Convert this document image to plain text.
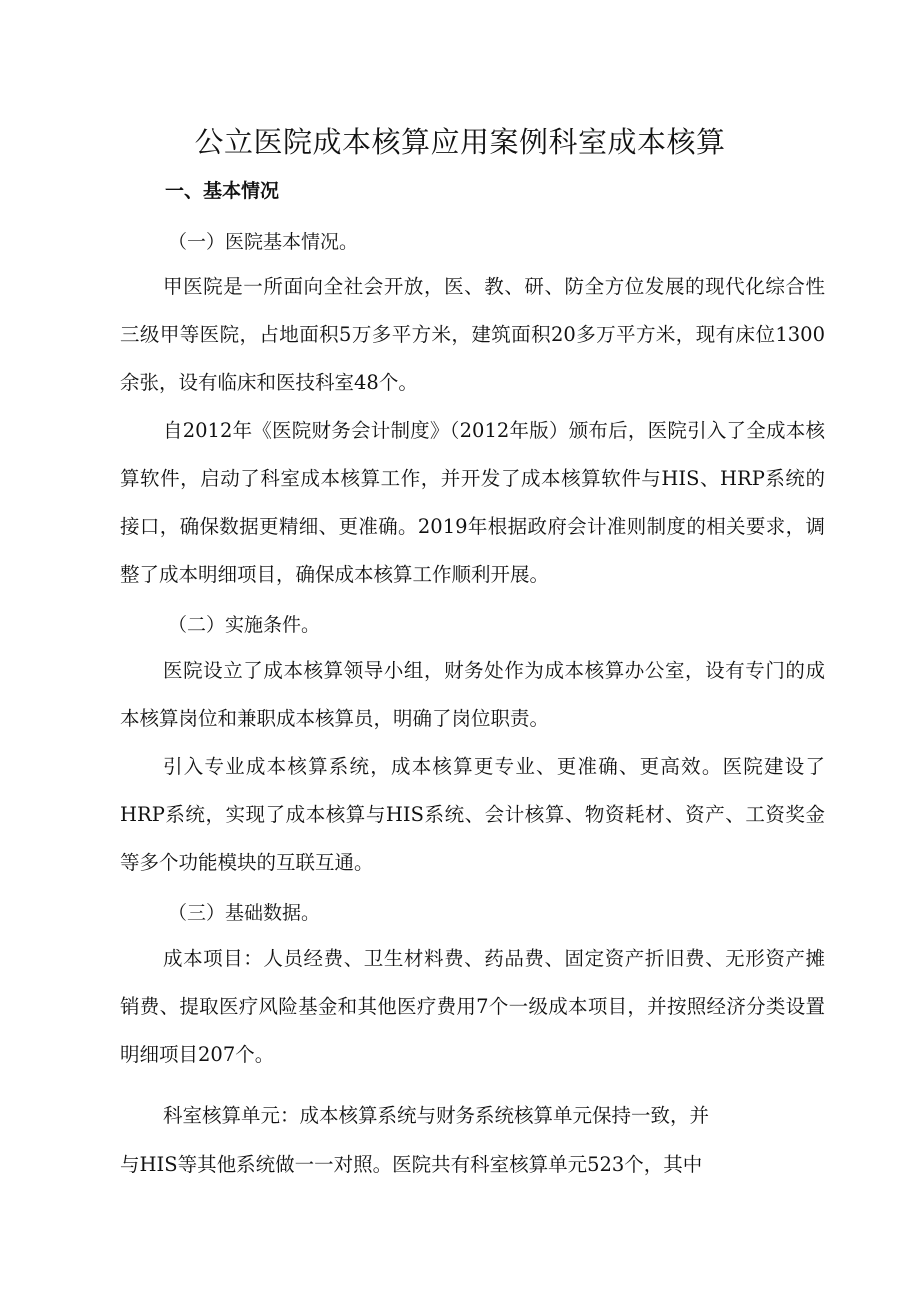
公立医院成本核算应用案例科室成本核算
一、基本情况
（一）医院基本情况。
甲医院是一所面向全社会开放，医、教、研、防全方位发展的现代化综合性三级甲等医院，占地面积5万多平方米，建筑面积20多万平方米，现有床位1300余张，设有临床和医技科室48个。
自2012年《医院财务会计制度》（2012年版）颁布后，医院引入了全成本核算软件，启动了科室成本核算工作，并开发了成本核算软件与HIS、HRP系统的接口，确保数据更精细、更准确。2019年根据政府会计准则制度的相关要求，调整了成本明细项目，确保成本核算工作顺利开展。
（二）实施条件。
医院设立了成本核算领导小组，财务处作为成本核算办公室，设有专门的成本核算岗位和兼职成本核算员，明确了岗位职责。
引入专业成本核算系统，成本核算更专业、更准确、更高效。医院建设了HRP系统，实现了成本核算与HIS系统、会计核算、物资耗材、资产、工资奖金等多个功能模块的互联互通。
（三）基础数据。
成本项目：人员经费、卫生材料费、药品费、固定资产折旧费、无形资产摊销费、提取医疗风险基金和其他医疗费用7个一级成本项目，并按照经济分类设置明细项目207个。
科室核算单元：成本核算系统与财务系统核算单元保持一致，并
与HIS等其他系统做一一对照。医院共有科室核算单元523个，其中
